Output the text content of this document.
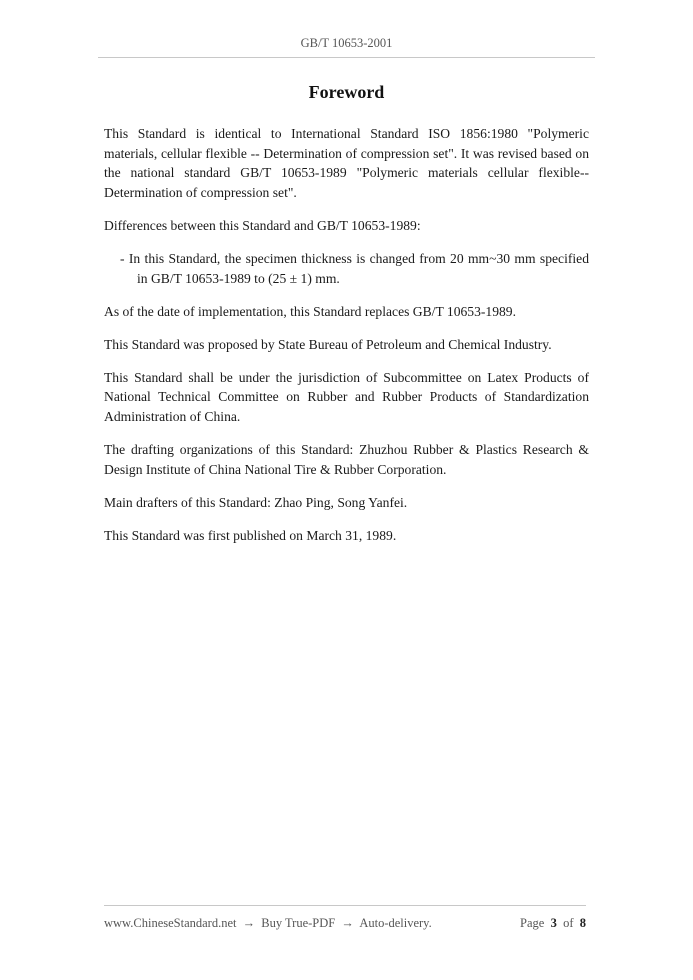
GB/T 10653-2001
Foreword

This Standard is identical to International Standard ISO 1856:1980 "Polymeric materials, cellular flexible -- Determination of compression set". It was revised based on the national standard GB/T 10653-1989 "Polymeric materials cellular flexible--Determination of compression set".

Differences between this Standard and GB/T 10653-1989:

- In this Standard, the specimen thickness is changed from 20 mm~30 mm specified in GB/T 10653-1989 to (25 ± 1) mm.

As of the date of implementation, this Standard replaces GB/T 10653-1989.

This Standard was proposed by State Bureau of Petroleum and Chemical Industry.

This Standard shall be under the jurisdiction of Subcommittee on Latex Products of National Technical Committee on Rubber and Rubber Products of Standardization Administration of China.

The drafting organizations of this Standard: Zhuzhou Rubber & Plastics Research & Design Institute of China National Tire & Rubber Corporation.

Main drafters of this Standard: Zhao Ping, Song Yanfei.

This Standard was first published on March 31, 1989.

www.ChineseStandard.net → Buy True-PDF → Auto-delivery.	Page 3 of 8
